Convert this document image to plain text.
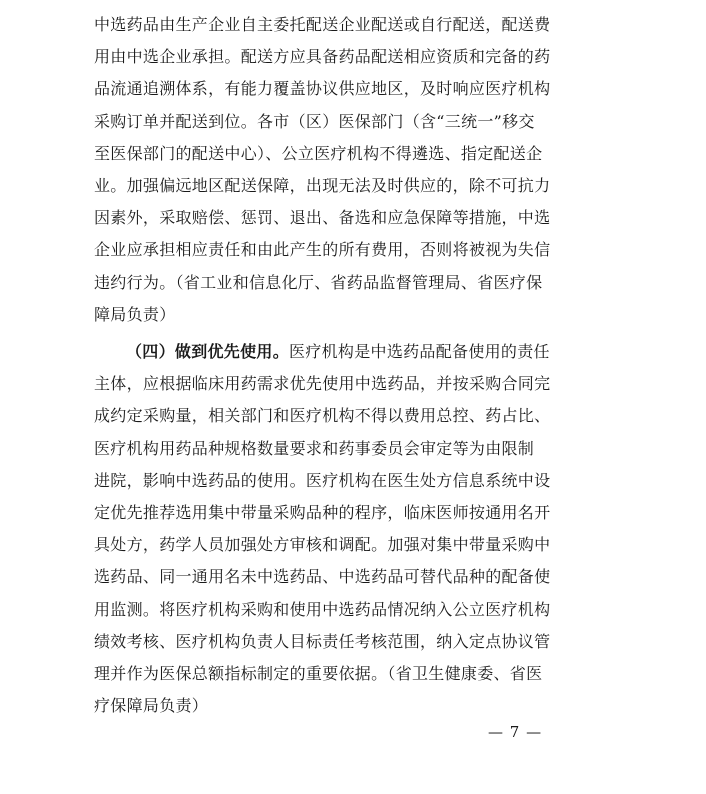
中选药品由生产企业自主委托配送企业配送或自行配送，配送费
用由中选企业承担。配送方应具备药品配送相应资质和完备的药
品流通追溯体系，有能力覆盖协议供应地区，及时响应医疗机构
采购订单并配送到位。各市（区）医保部门（含“三统一”移交
至医保部门的配送中心）、公立医疗机构不得遴选、指定配送企
业。加强偏远地区配送保障，出现无法及时供应的，除不可抗力
因素外，采取赔偿、惩罚、退出、备选和应急保障等措施，中选
企业应承担相应责任和由此产生的所有费用，否则将被视为失信
违约行为。（省工业和信息化厅、省药品监督管理局、省医疗保
障局负责）
（四）做到优先使用。医疗机构是中选药品配备使用的责任
主体，应根据临床用药需求优先使用中选药品，并按采购合同完
成约定采购量，相关部门和医疗机构不得以费用总控、药占比、
医疗机构用药品种规格数量要求和药事委员会审定等为由限制
进院，影响中选药品的使用。医疗机构在医生处方信息系统中设
定优先推荐选用集中带量采购品种的程序，临床医师按通用名开
具处方，药学人员加强处方审核和调配。加强对集中带量采购中
选药品、同一通用名未中选药品、中选药品可替代品种的配备使
用监测。将医疗机构采购和使用中选药品情况纳入公立医疗机构
绩效考核、医疗机构负责人目标责任考核范围，纳入定点协议管
理并作为医保总额指标制定的重要依据。（省卫生健康委、省医
疗保障局负责）
— 7 —
